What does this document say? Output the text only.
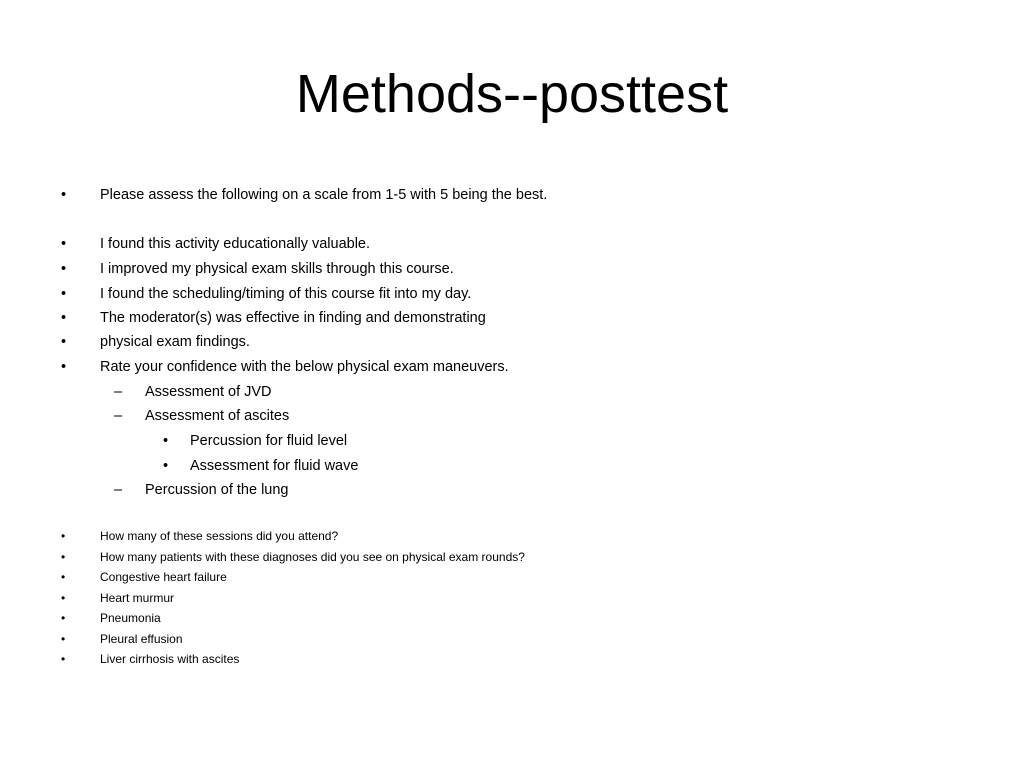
Methods--posttest
• Please assess the following on a scale from 1-5 with 5 being the best.
• I found this activity educationally valuable.
• I improved my physical exam skills through this course.
• I found the scheduling/timing of this course fit into my day.
• The moderator(s) was effective in finding and demonstrating
• physical exam findings.
• Rate your confidence with the below physical exam maneuvers.
– Assessment of JVD
– Assessment of ascites
• Percussion for fluid level
• Assessment for fluid wave
– Percussion of the lung
•	How many of these sessions did you attend?
•	How many patients with these diagnoses did you see on physical exam rounds?
•	Congestive heart failure
•	Heart murmur
•	Pneumonia
•	Pleural effusion
•	Liver cirrhosis with ascites
